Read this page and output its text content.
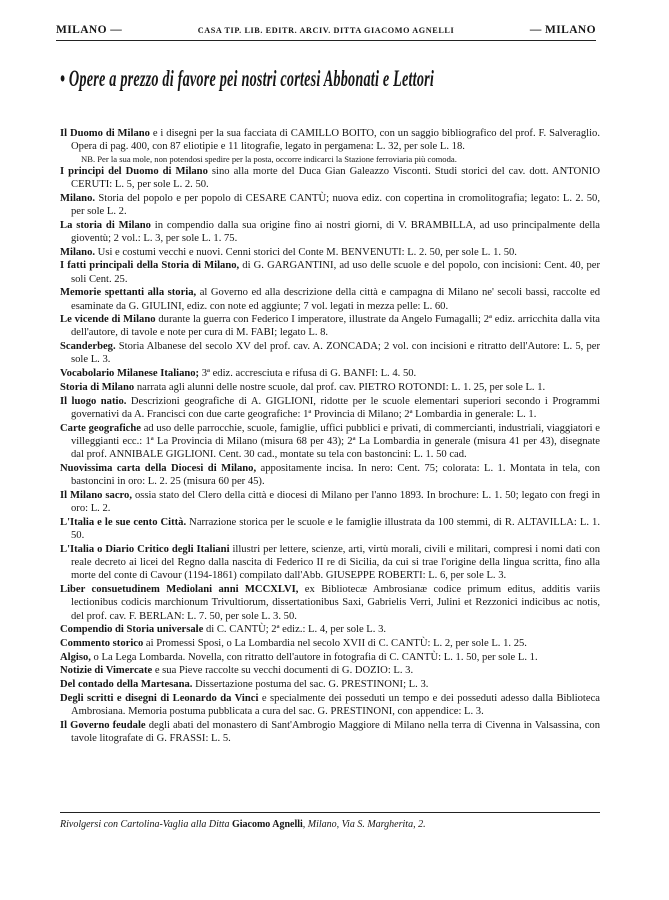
MILANO —	CASA TIP. LIB. EDITR. ARCIV. DITTA GIACOMO AGNELLI	— MILANO
• Opere a prezzo di favore pei nostri cortesi Abbonati e Lettori
Il Duomo di Milano e i disegni per la sua facciata di CAMILLO BOITO, con un saggio bibliografico del prof. F. Salveraglio. Opera di pag. 400, con 87 eliotipie e 11 litografie, legato in pergamena: L. 32, per sole L. 18.
NB. Per la sua mole, non potendosi spedire per la posta, occorre indicarci la Stazione ferroviaria più comoda.
I principi del Duomo di Milano sino alla morte del Duca Gian Galeazzo Visconti. Studi storici del cav. dott. ANTONIO CERUTI: L. 5, per sole L. 2. 50.
Milano. Storia del popolo e per popolo di CESARE CANTÙ; nuova ediz. con copertina in cromolitografia; legato: L. 2. 50, per sole L. 2.
La storia di Milano in compendio dalla sua origine fino ai nostri giorni, di V. BRAMBILLA, ad uso principalmente della gioventù; 2 vol.: L. 3, per sole L. 1. 75.
Milano. Usi e costumi vecchi e nuovi. Cenni storici del Conte M. BENVENUTI: L. 2. 50, per sole L. 1. 50.
I fatti principali della Storia di Milano, di G. GARGANTINI, ad uso delle scuole e del popolo, con incisioni: Cent. 40, per soli Cent. 25.
Memorie spettanti alla storia, al Governo ed alla descrizione della città e campagna di Milano ne' secoli bassi, raccolte ed esaminate da G. GIULINI, ediz. con note ed aggiunte; 7 vol. legati in mezza pelle: L. 60.
Le vicende di Milano durante la guerra con Federico I imperatore, illustrate da Angelo Fumagalli; 2ª ediz. arricchita dalla vita dell'autore, di tavole e note per cura di M. FABI; legato L. 8.
Scanderbeg. Storia Albanese del secolo XV del prof. cav. A. ZONCADA; 2 vol. con incisioni e ritratto dell'Autore: L. 5, per sole L. 3.
Vocabolario Milanese Italiano; 3ª ediz. accresciuta e rifusa di G. BANFI: L. 4. 50.
Storia di Milano narrata agli alunni delle nostre scuole, dal prof. cav. PIETRO ROTONDI: L. 1. 25, per sole L. 1.
Il luogo natio. Descrizioni geografiche di A. GIGLIONI, ridotte per le scuole elementari superiori secondo i Programmi governativi da A. Francisci con due carte geografiche: 1ª Provincia di Milano; 2ª Lombardia in generale: L. 1.
Carte geografiche ad uso delle parrocchie, scuole, famiglie, uffici pubblici e privati, di commercianti, industriali, viaggiatori e villeggianti ecc.: 1ª La Provincia di Milano (misura 68 per 43); 2ª La Lombardia in generale (misura 41 per 43), disegnate dal prof. ANNIBALE GIGLIONI. Cent. 30 cad., montate su tela con bastoncini: L. 1. 50 cad.
Nuovissima carta della Diocesi di Milano, appositamente incisa. In nero: Cent. 75; colorata: L. 1. Montata in tela, con bastoncini in oro: L. 2. 25 (misura 60 per 45).
Il Milano sacro, ossia stato del Clero della città e diocesi di Milano per l'anno 1893. In brochure: L. 1. 50; legato con fregi in oro: L. 2.
L'Italia e le sue cento Città. Narrazione storica per le scuole e le famiglie illustrata da 100 stemmi, di R. ALTAVILLA: L. 1. 50.
L'Italia o Diario Critico degli Italiani illustri per lettere, scienze, arti, virtù morali, civili e militari, compresi i nomi dati con reale decreto ai licei del Regno dalla nascita di Federico II re di Sicilia, da cui si trae l'origine della lingua scritta, fino alla morte del conte di Cavour (1194-1861) compilato dall'Abb. GIUSEPPE ROBERTI: L. 6, per sole L. 3.
Liber consuetudinem Mediolani anni MCCXLVI, ex Bibliotecæ Ambrosianæ codice primum editus, additis variis lectionibus codicis marchionum Trivultiorum, dissertationibus Saxi, Gabrielis Verri, Julini et Rezzonici indicibus ac notis, del prof. cav. F. BERLAN: L. 7. 50, per sole L. 3. 50.
Compendio di Storia universale di C. CANTÙ; 2ª ediz.: L. 4, per sole L. 3.
Commento storico ai Promessi Sposi, o La Lombardia nel secolo XVII di C. CANTÙ: L. 2, per sole L. 1. 25.
Algiso, o La Lega Lombarda. Novella, con ritratto dell'autore in fotografia di C. CANTÙ: L. 1. 50, per sole L. 1.
Notizie di Vimercate e sua Pieve raccolte su vecchi documenti di G. DOZIO: L. 3.
Del contado della Martesana. Dissertazione postuma del sac. G. PRESTINONI; L. 3.
Degli scritti e disegni di Leonardo da Vinci e specialmente dei posseduti un tempo e dei posseduti adesso dalla Biblioteca Ambrosiana. Memoria postuma pubblicata a cura del sac. G. PRESTINONI, con appendice: L. 3.
Il Governo feudale degli abati del monastero di Sant'Ambrogio Maggiore di Milano nella terra di Civenna in Valsassina, con tavole litografate di G. FRASSI: L. 5.
Rivolgersi con Cartolina-Vaglia alla Ditta Giacomo Agnelli, Milano, Via S. Margherita, 2.
